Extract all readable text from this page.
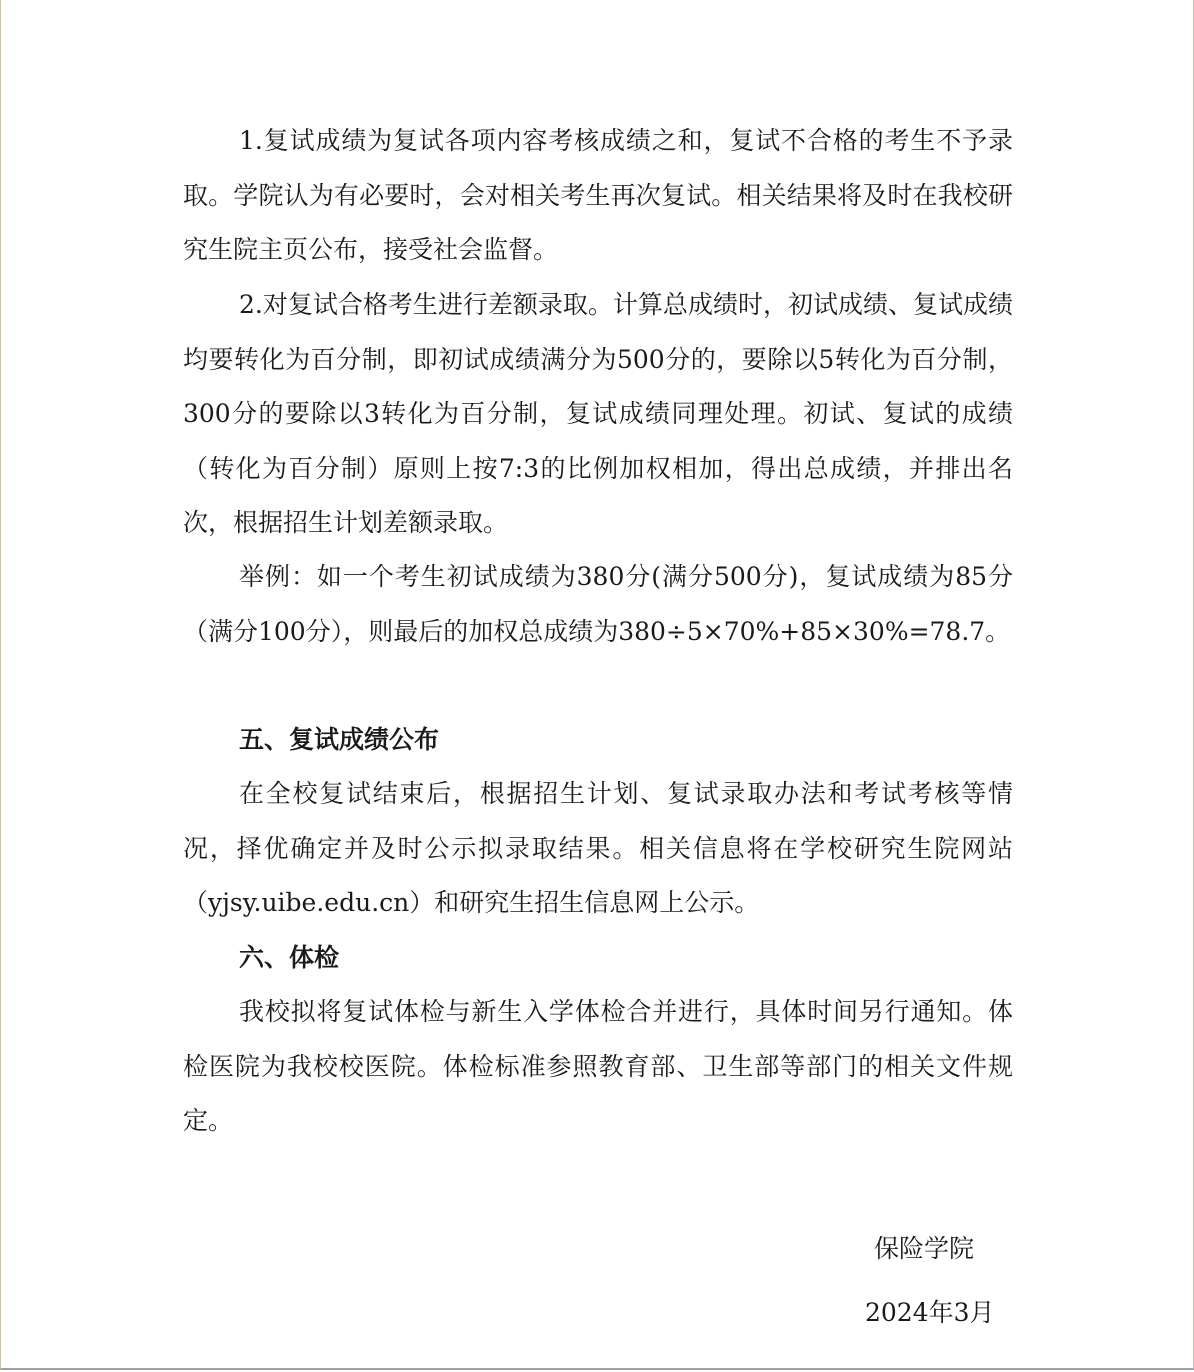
1.复试成绩为复试各项内容考核成绩之和，复试不合格的考生不予录取。学院认为有必要时，会对相关考生再次复试。相关结果将及时在我校研究生院主页公布，接受社会监督。

2.对复试合格考生进行差额录取。计算总成绩时，初试成绩、复试成绩均要转化为百分制，即初试成绩满分为500分的，要除以5转化为百分制，300分的要除以3转化为百分制，复试成绩同理处理。初试、复试的成绩（转化为百分制）原则上按7:3的比例加权相加，得出总成绩，并排出名次，根据招生计划差额录取。

举例：如一个考生初试成绩为380分(满分500分)，复试成绩为85分（满分100分），则最后的加权总成绩为380÷5×70%+85×30%=78.7。

五、复试成绩公布

在全校复试结束后，根据招生计划、复试录取办法和考试考核等情况，择优确定并及时公示拟录取结果。相关信息将在学校研究生院网站（yjsy.uibe.edu.cn）和研究生招生信息网上公示。

六、体检

我校拟将复试体检与新生入学体检合并进行，具体时间另行通知。体检医院为我校校医院。体检标准参照教育部、卫生部等部门的相关文件规定。

保险学院

2024年3月
